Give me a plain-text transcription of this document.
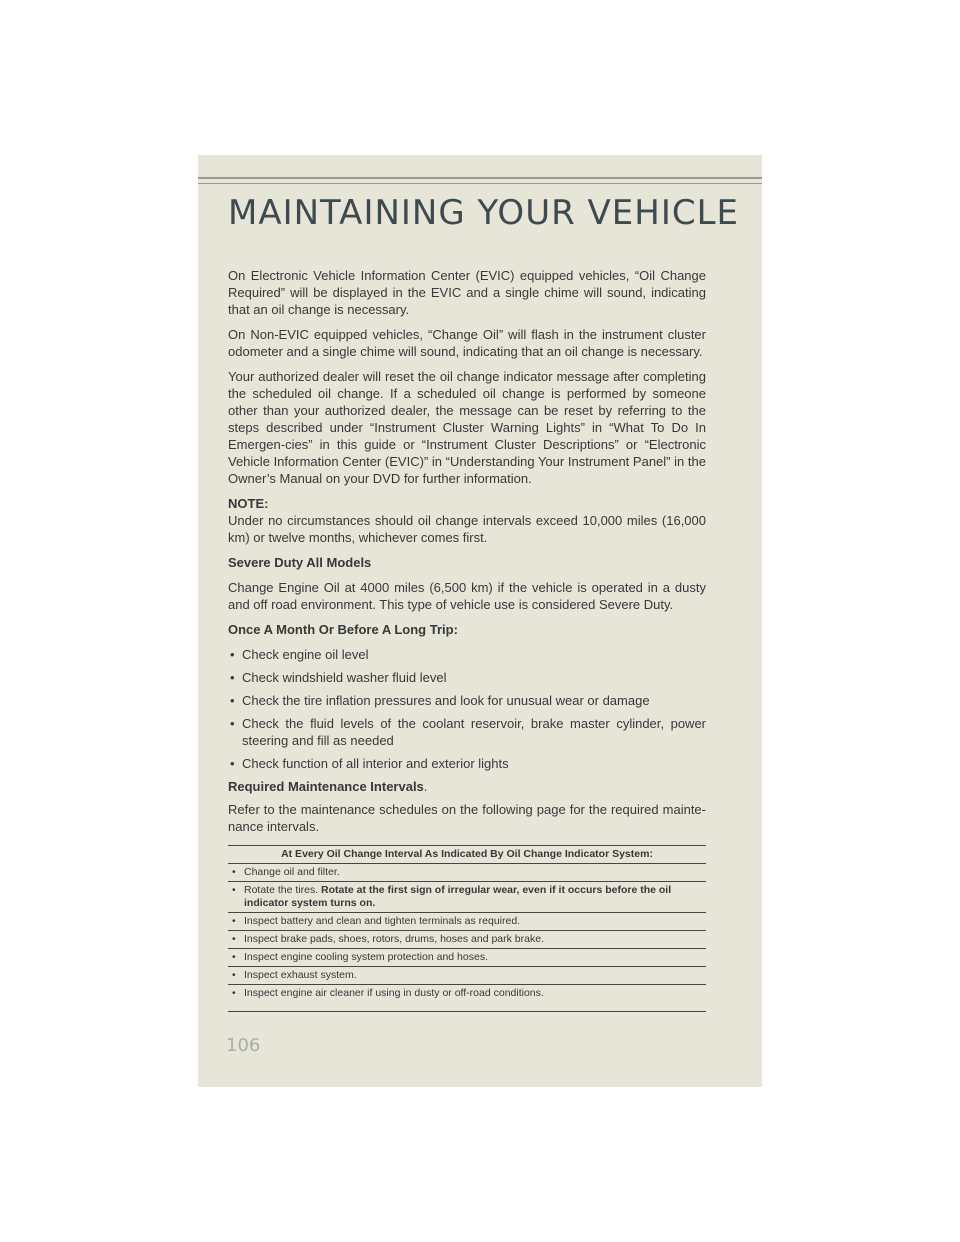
MAINTAINING YOUR VEHICLE

On Electronic Vehicle Information Center (EVIC) equipped vehicles, “Oil Change Required” will be displayed in the EVIC and a single chime will sound, indicating that an oil change is necessary.

On Non-EVIC equipped vehicles, “Change Oil” will flash in the instrument cluster odometer and a single chime will sound, indicating that an oil change is necessary.

Your authorized dealer will reset the oil change indicator message after completing the scheduled oil change. If a scheduled oil change is performed by someone other than your authorized dealer, the message can be reset by referring to the steps described under “Instrument Cluster Warning Lights” in “What To Do In Emergen-cies” in this guide or “Instrument Cluster Descriptions” or “Electronic Vehicle Information Center (EVIC)” in “Understanding Your Instrument Panel” in the Owner’s Manual on your DVD for further information.

NOTE:

Under no circumstances should oil change intervals exceed 10,000 miles (16,000 km) or twelve months, whichever comes first.

Severe Duty All Models

Change Engine Oil at 4000 miles (6,500 km) if the vehicle is operated in a dusty and off road environment. This type of vehicle use is considered Severe Duty.

Once A Month Or Before A Long Trip:

• Check engine oil level
• Check windshield washer fluid level
• Check the tire inflation pressures and look for unusual wear or damage
• Check the fluid levels of the coolant reservoir, brake master cylinder, power steering and fill as needed
• Check function of all interior and exterior lights

Required Maintenance Intervals.

Refer to the maintenance schedules on the following page for the required mainte-nance intervals.

At Every Oil Change Interval As Indicated By Oil Change Indicator System:
• Change oil and filter.
• Rotate the tires. Rotate at the first sign of irregular wear, even if it occurs before the oil indicator system turns on.
• Inspect battery and clean and tighten terminals as required.
• Inspect brake pads, shoes, rotors, drums, hoses and park brake.
• Inspect engine cooling system protection and hoses.
• Inspect exhaust system.
• Inspect engine air cleaner if using in dusty or off-road conditions.

106
